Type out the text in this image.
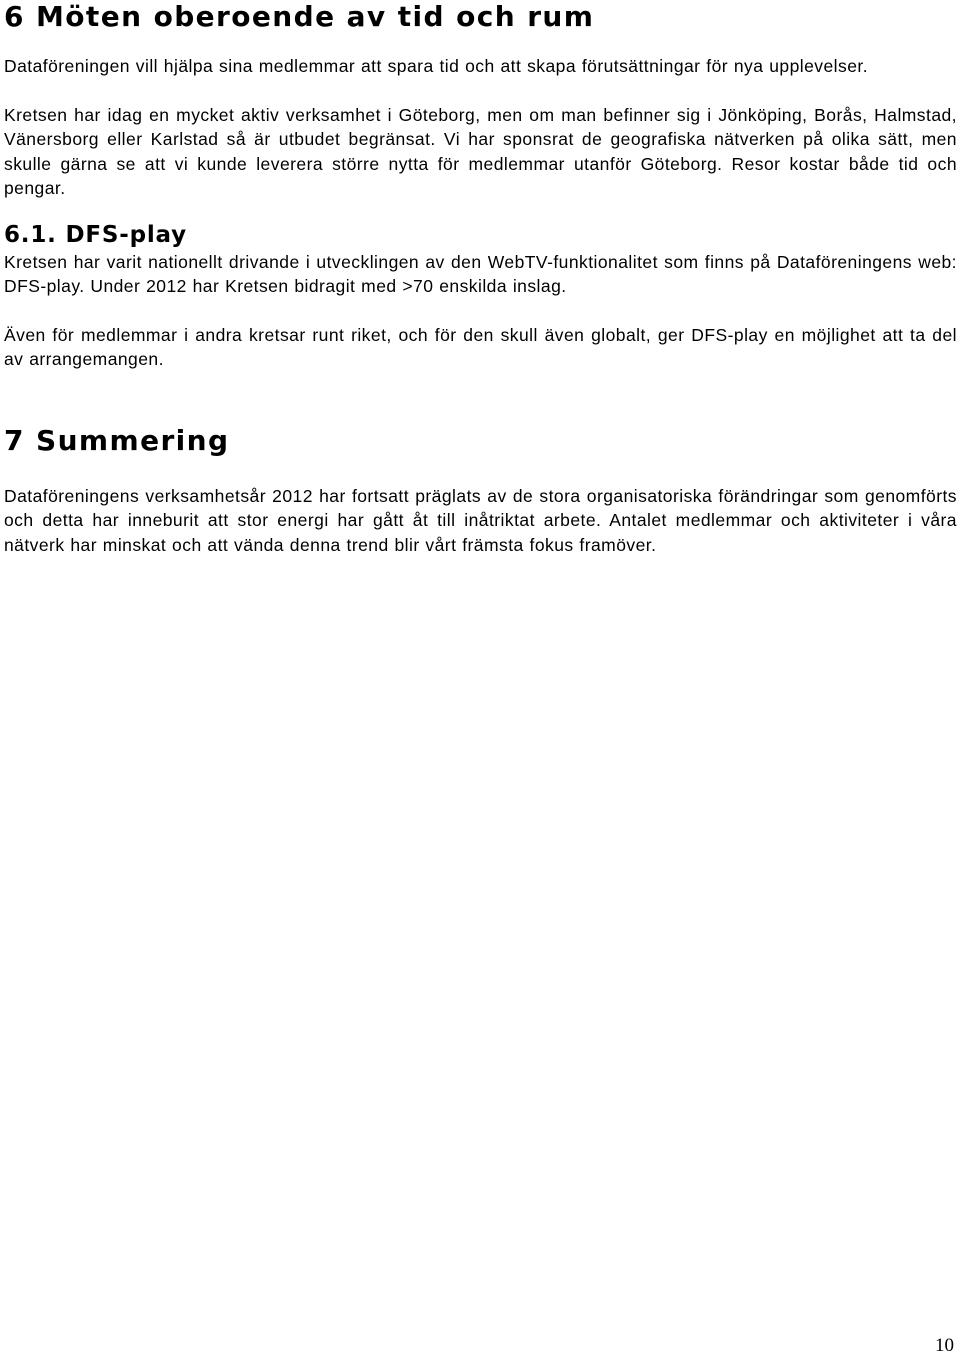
6 Möten oberoende av tid och rum

Dataföreningen vill hjälpa sina medlemmar att spara tid och att skapa förutsättningar för nya upplevelser.

Kretsen har idag en mycket aktiv verksamhet i Göteborg, men om man befinner sig i Jönköping, Borås, Halmstad, Vänersborg eller Karlstad så är utbudet begränsat. Vi har sponsrat de geografiska nätverken på olika sätt, men skulle gärna se att vi kunde leverera större nytta för medlemmar utanför Göteborg. Resor kostar både tid och pengar.

6.1. DFS-play

Kretsen har varit nationellt drivande i utvecklingen av den WebTV-funktionalitet som finns på Dataföreningens web: DFS-play. Under 2012 har Kretsen bidragit med >70 enskilda inslag.

Även för medlemmar i andra kretsar runt riket, och för den skull även globalt, ger DFS-play en möjlighet att ta del av arrangemangen.

7 Summering

Dataföreningens verksamhetsår 2012 har fortsatt präglats av de stora organisatoriska förändringar som genomförts och detta har inneburit att stor energi har gått åt till inåtriktat arbete. Antalet medlemmar och aktiviteter i våra nätverk har minskat och att vända denna trend blir vårt främsta fokus framöver.

10
